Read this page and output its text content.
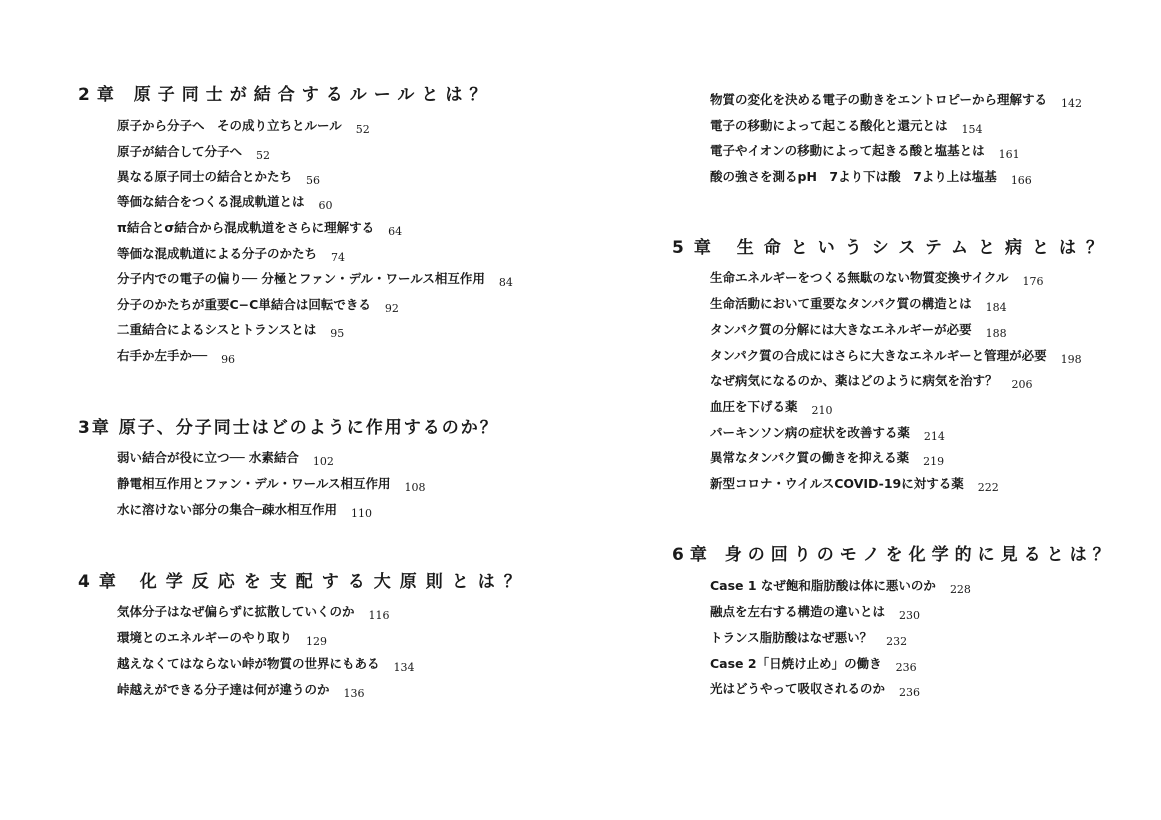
2章 原子同士が結合するルールとは？
原子から分子へ　その成り立ちとルール 52
原子が結合して分子へ 52
異なる原子同士の結合とかたち 56
等価な結合をつくる混成軌道とは 60
π結合とσ結合から混成軌道をさらに理解する 64
等価な混成軌道による分子のかたち 74
分子内での電子の偏り── 分極とファン・デル・ワールス相互作用 84
分子のかたちが重要C−C単結合は回転できる 92
二重結合によるシスとトランスとは 95
右手か左手か── 96
3章 原子、分子同士はどのように作用するのか？
弱い結合が役に立つ── 水素結合 102
静電相互作用とファン・デル・ワールス相互作用 108
水に溶けない部分の集合─疎水相互作用 110
4章 化学反応を支配する大原則とは？
気体分子はなぜ偏らずに拡散していくのか 116
環境とのエネルギーのやり取り 129
越えなくてはならない峠が物質の世界にもある 134
峠越えができる分子達は何が違うのか 136
物質の変化を決める電子の動きをエントロピーから理解する 142
電子の移動によって起こる酸化と還元とは 154
電子やイオンの移動によって起きる酸と塩基とは 161
酸の強さを測るpH　7より下は酸　7より上は塩基 166
5章 生命というシステムと病とは？
生命エネルギーをつくる無駄のない物質変換サイクル 176
生命活動において重要なタンパク質の構造とは 184
タンパク質の分解には大きなエネルギーが必要 188
タンパク質の合成にはさらに大きなエネルギーと管理が必要 198
なぜ病気になるのか、薬はどのように病気を治す？ 206
血圧を下げる薬 210
パーキンソン病の症状を改善する薬 214
異常なタンパク質の働きを抑える薬 219
新型コロナ・ウイルスCOVID-19に対する薬 222
6章 身の回りのモノを化学的に見るとは？
Case 1 なぜ飽和脂肪酸は体に悪いのか 228
融点を左右する構造の違いとは 230
トランス脂肪酸はなぜ悪い？ 232
Case 2「日焼け止め」の働き 236
光はどうやって吸収されるのか 236
